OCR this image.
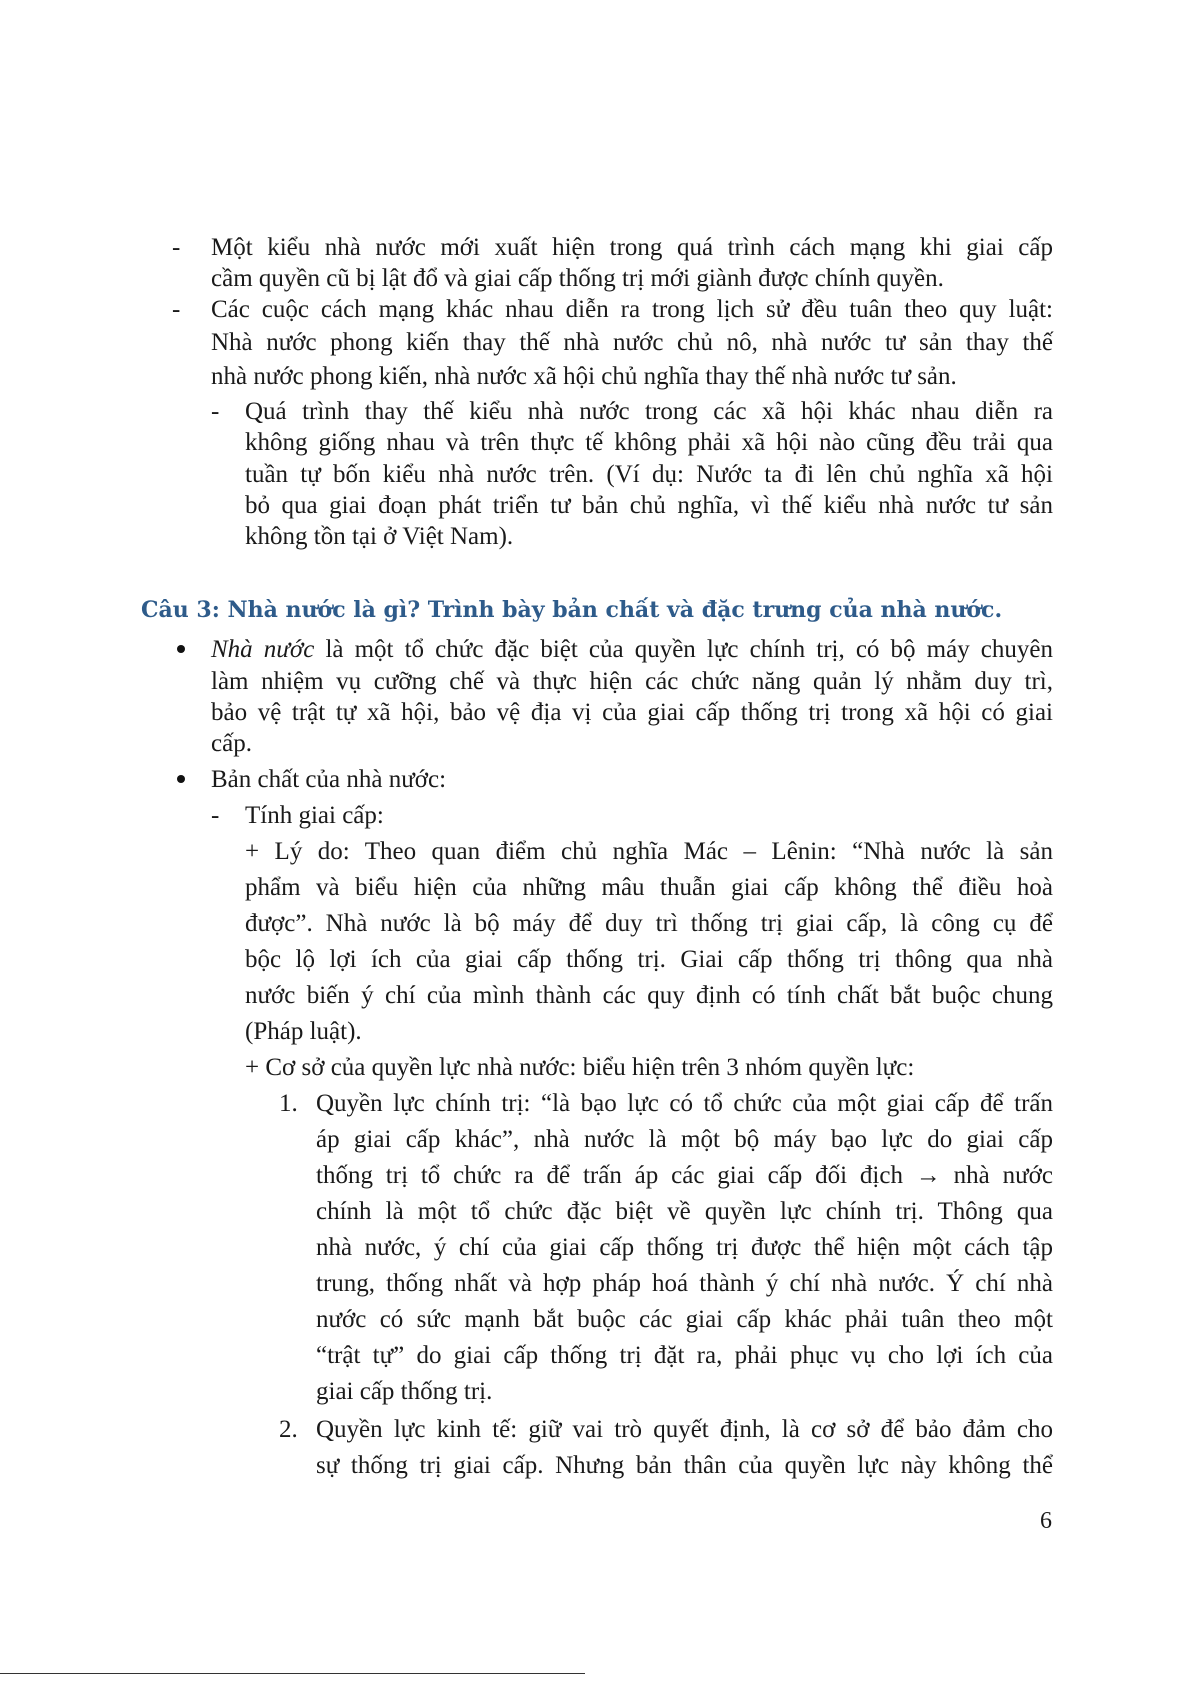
-
-
-
Một kiểu nhà nước mới xuất hiện trong quá trình cách mạng khi giai cấp
cầm quyền cũ bị lật đổ và giai cấp thống trị mới giành được chính quyền.
Các cuộc cách mạng khác nhau diễn ra trong lịch sử đều tuân theo quy luật:
Nhà nước phong kiến thay thế nhà nước chủ nô, nhà nước tư sản thay thế
nhà nước phong kiến, nhà nước xã hội chủ nghĩa thay thế nhà nước tư sản.
Quá trình thay thế kiểu nhà nước trong các xã hội khác nhau diễn ra
không giống nhau và trên thực tế không phải xã hội nào cũng đều trải qua
tuần tự bốn kiểu nhà nước trên. (Ví dụ: Nước ta đi lên chủ nghĩa xã hội
bỏ qua giai đoạn phát triển tư bản chủ nghĩa, vì thế kiểu nhà nước tư sản
không tồn tại ở Việt Nam).
Câu 3: Nhà nước là gì? Trình bày bản chất và đặc trưng của nhà nước.
Nhà nước là một tổ chức đặc biệt của quyền lực chính trị, có bộ máy chuyên
làm nhiệm vụ cưỡng chế và thực hiện các chức năng quản lý nhằm duy trì,
bảo vệ trật tự xã hội, bảo vệ địa vị của giai cấp thống trị trong xã hội có giai
cấp.
Bản chất của nhà nước:
- Tính giai cấp:
+ Lý do: Theo quan điểm chủ nghĩa Mác – Lênin: “Nhà nước là sản
phẩm và biểu hiện của những mâu thuẫn giai cấp không thể điều hoà
được”. Nhà nước là bộ máy để duy trì thống trị giai cấp, là công cụ để
bộc lộ lợi ích của giai cấp thống trị. Giai cấp thống trị thông qua nhà
nước biến ý chí của mình thành các quy định có tính chất bắt buộc chung
(Pháp luật).
+ Cơ sở của quyền lực nhà nước: biểu hiện trên 3 nhóm quyền lực:
1. Quyền lực chính trị: “là bạo lực có tổ chức của một giai cấp để trấn
áp giai cấp khác”, nhà nước là một bộ máy bạo lực do giai cấp
thống trị tổ chức ra để trấn áp các giai cấp đối địch → nhà nước
chính là một tổ chức đặc biệt về quyền lực chính trị. Thông qua
nhà nước, ý chí của giai cấp thống trị được thể hiện một cách tập
trung, thống nhất và hợp pháp hoá thành ý chí nhà nước. Ý chí nhà
nước có sức mạnh bắt buộc các giai cấp khác phải tuân theo một
“trật tự” do giai cấp thống trị đặt ra, phải phục vụ cho lợi ích của
giai cấp thống trị.
2. Quyền lực kinh tế: giữ vai trò quyết định, là cơ sở để bảo đảm cho
sự thống trị giai cấp. Nhưng bản thân của quyền lực này không thể
6
